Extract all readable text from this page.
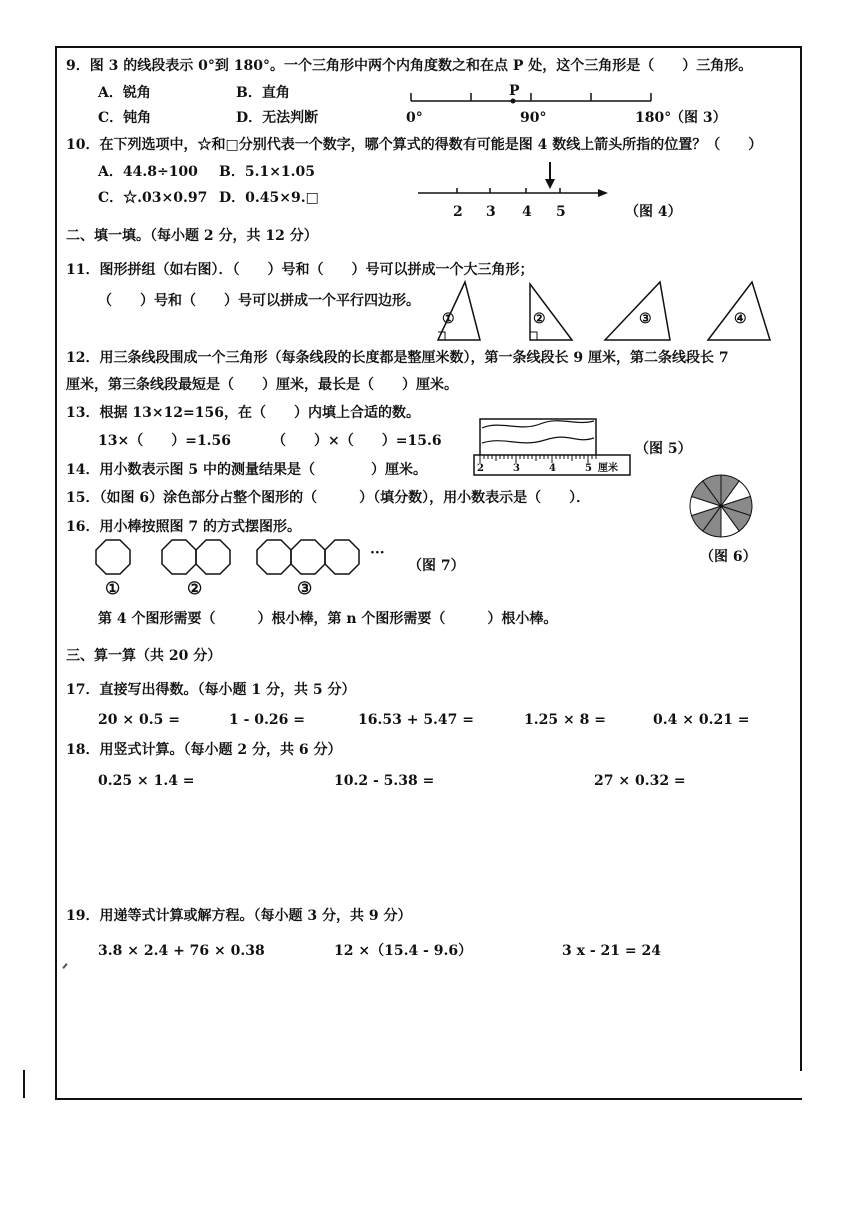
9．图 3 的线段表示 0°到 180°。一个三角形中两个内角度数之和在点 P 处，这个三角形是（　　）三角形。
A．锐角	B．直角
C．钝角	D．无法判断
P
0°	90°	180°
（图 3）
10．在下列选项中，☆和□分别代表一个数字，哪个算式的得数有可能是图 4 数线上箭头所指的位置？（　　）
A．44.8÷100 B．5.1×1.05
C．☆.03×0.97 D．0.45×9.□
2 3 4 5	（图 4）
二、填一填。（每小题 2 分，共 12 分）
11．图形拼组（如右图）．（　　）号和（　　）号可以拼成一个大三角形；
（　　）号和（　　）号可以拼成一个平行四边形。
①	②	③	④
12．用三条线段围成一个三角形（每条线段的长度都是整厘米数），第一条线段长 9 厘米，第二条线段长 7
厘米，第三条线段最短是（　　）厘米，最长是（　　）厘米。
13．根据 13×12=156，在（　　）内填上合适的数。
13×（　　）=1.56	（　　）×（　　）=15.6
2	3	4	5 厘米
（图 5）
14．用小数表示图 5 中的测量结果是（　　　　）厘米。
15．（如图 6）涂色部分占整个图形的（　　　）（填分数），用小数表示是（　　）．
（图 6）
16．用小棒按照图 7 的方式摆图形。
···
（图 7）
①	②	③
第 4 个图形需要（　　　）根小棒，第 n 个图形需要（　　　）根小棒。
三、算一算（共 20 分）
17．直接写出得数。（每小题 1 分，共 5 分）
20 × 0.5 =	1 - 0.26 =	16.53 + 5.47 =	1.25 × 8 =	0.4 × 0.21 =
18．用竖式计算。（每小题 2 分，共 6 分）
0.25 × 1.4 =	10.2 - 5.38 =	27 × 0.32 =
19．用递等式计算或解方程。（每小题 3 分，共 9 分）
3.8 × 2.4 + 76 × 0.38	12 ×（15.4 - 9.6）	3 x - 21 = 24
